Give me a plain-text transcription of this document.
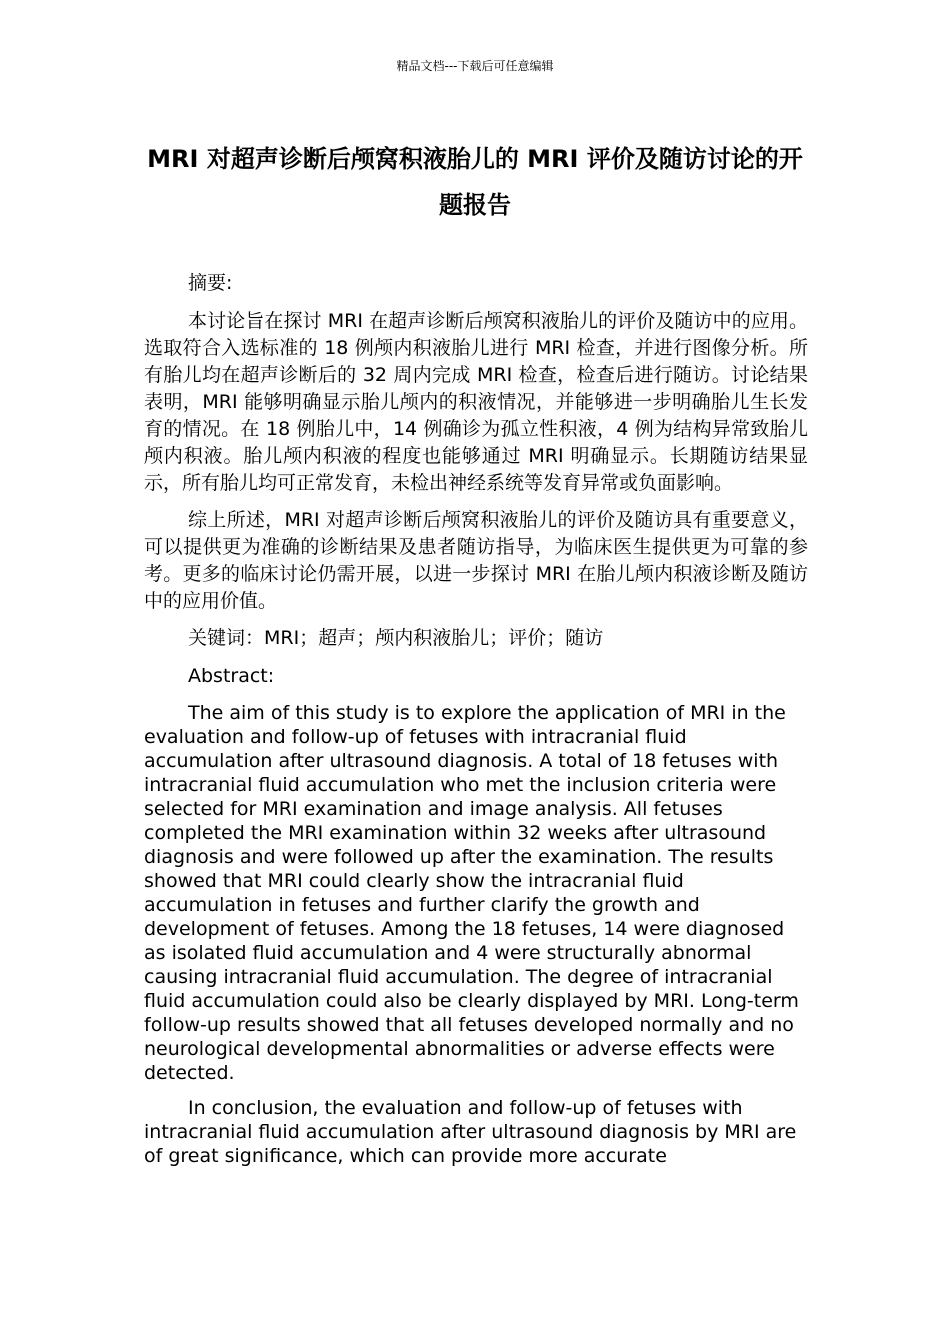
精品文档---下载后可任意编辑
MRI 对超声诊断后颅窝积液胎儿的 MRI 评价及随访讨论的开题报告

摘要:

本讨论旨在探讨 MRI 在超声诊断后颅窝积液胎儿的评价及随访中的应用。选取符合入选标准的 18 例颅内积液胎儿进行 MRI 检查，并进行图像分析。所有胎儿均在超声诊断后的 32 周内完成 MRI 检查，检查后进行随访。讨论结果表明，MRI 能够明确显示胎儿颅内的积液情况，并能够进一步明确胎儿生长发育的情况。在 18 例胎儿中，14 例确诊为孤立性积液，4 例为结构异常致胎儿颅内积液。胎儿颅内积液的程度也能够通过 MRI 明确显示。长期随访结果显示，所有胎儿均可正常发育，未检出神经系统等发育异常或负面影响。

综上所述，MRI 对超声诊断后颅窝积液胎儿的评价及随访具有重要意义，可以提供更为准确的诊断结果及患者随访指导，为临床医生提供更为可靠的参考。更多的临床讨论仍需开展，以进一步探讨 MRI 在胎儿颅内积液诊断及随访中的应用价值。

关键词：MRI；超声；颅内积液胎儿；评价；随访

Abstract:

The aim of this study is to explore the application of MRI in the evaluation and follow-up of fetuses with intracranial fluid accumulation after ultrasound diagnosis. A total of 18 fetuses with intracranial fluid accumulation who met the inclusion criteria were selected for MRI examination and image analysis. All fetuses completed the MRI examination within 32 weeks after ultrasound diagnosis and were followed up after the examination. The results showed that MRI could clearly show the intracranial fluid accumulation in fetuses and further clarify the growth and development of fetuses. Among the 18 fetuses, 14 were diagnosed as isolated fluid accumulation and 4 were structurally abnormal causing intracranial fluid accumulation. The degree of intracranial fluid accumulation could also be clearly displayed by MRI. Long-term follow-up results showed that all fetuses developed normally and no neurological developmental abnormalities or adverse effects were detected.

In conclusion, the evaluation and follow-up of fetuses with intracranial fluid accumulation after ultrasound diagnosis by MRI are of great significance, which can provide more accurate
